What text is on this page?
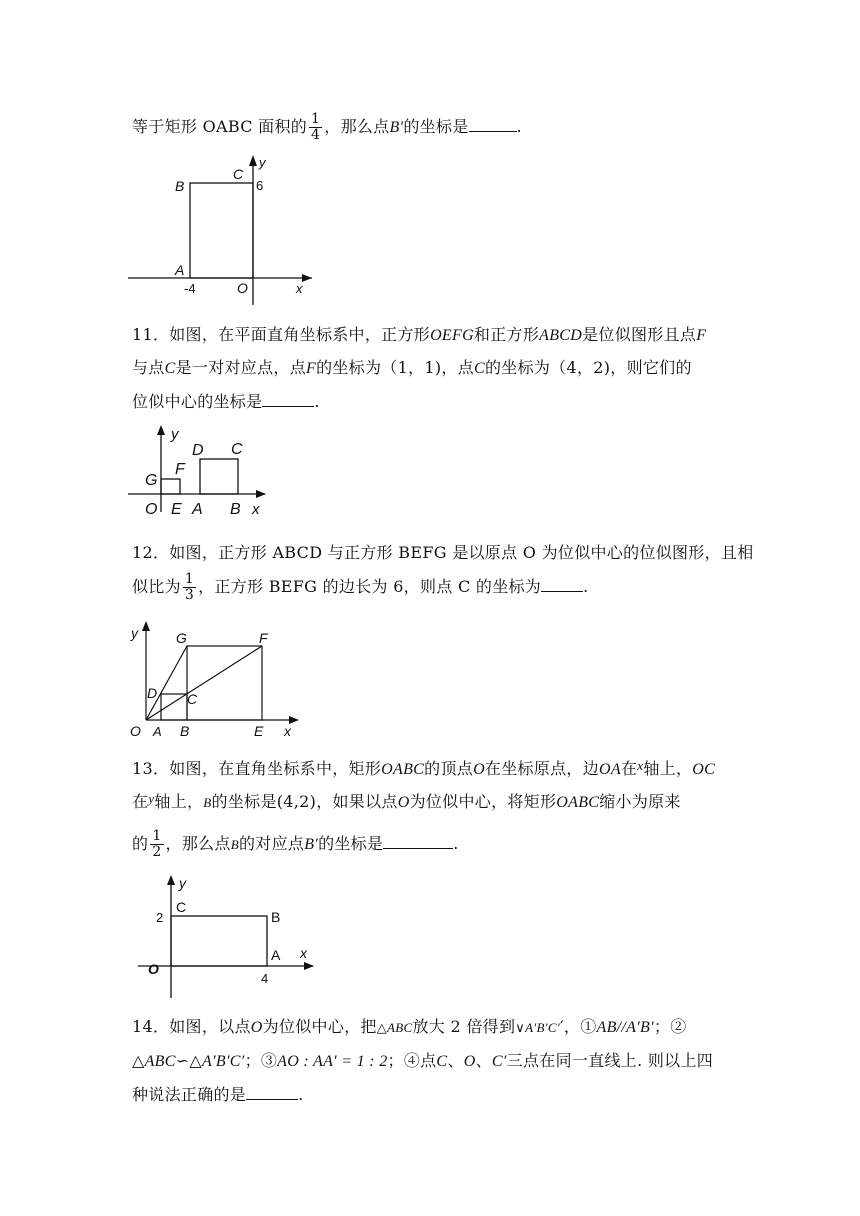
等于矩形 OABC 面积的 $\frac{1}{4}$ ，那么点B′的坐标是	.
y
x
C
B
A
O
6
-4
11．如图，在平面直角坐标系中，正方形OEFG和正方形ABCD是位似图形且点F
与点C是一对对应点，点F的坐标为（1，1)，点C的坐标为（4，2)，则它们的
位似中心的坐标是	.
y
x
G
F
D C
O E A B
12．如图，正方形 ABCD 与正方形 BEFG 是以原点 O 为位似中心的位似图形，且相
似比为 $\frac{1}{3}$ ，正方形 BEFG 的边长为 6，则点 C 的坐标为	.
y
x
G	F
D C
O A B	E
13．如图，在直角坐标系中，矩形OABC的顶点O在坐标原点，边OA在$^x$轴上，OC
在$^y$轴上，B的坐标是(4,2)，如果以点O为位似中心，将矩形OABC缩小为原来
的 $\frac{1}{2}$ ，那么点B的对应点B′的坐标是	.
y
x
C
B
A
O
2
4
14．如图，以点O为位似中心，把△ABC放大 2 倍得到∨A′B′C′′，①AB//A′B′；②
△ABC∽△A′B′C′；③AO : AA′ = 1 : 2；④点C、O、C′三点在同一直线上. 则以上四
种说法正确的是	.
